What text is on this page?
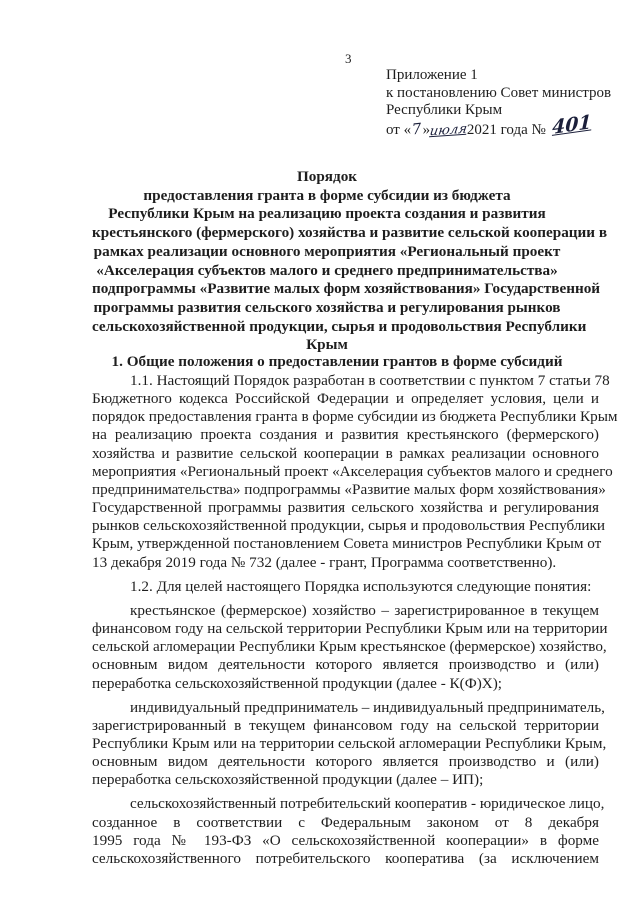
3
Приложение 1
к постановлению Совет министров
Республики Крым
от «7»июля2021 года № 401
Порядок
предоставления гранта в форме субсидии из бюджета
Республики Крым на реализацию проекта создания и развития
крестьянского (фермерского) хозяйства и развитие сельской кооперации в
рамках реализации основного мероприятия «Региональный проект
«Акселерация субъектов малого и среднего предпринимательства»
подпрограммы «Развитие малых форм хозяйствования» Государственной
программы развития сельского хозяйства и регулирования рынков
сельскохозяйственной продукции, сырья и продовольствия Республики
Крым
1. Общие положения о предоставлении грантов в форме субсидий
1.1. Настоящий Порядок разработан в соответствии с пунктом 7 статьи 78
Бюджетного кодекса Российской Федерации и определяет условия, цели и
порядок предоставления гранта в форме субсидии из бюджета Республики Крым
на реализацию проекта создания и развития крестьянского (фермерского)
хозяйства и развитие сельской кооперации в рамках реализации основного
мероприятия «Региональный проект «Акселерация субъектов малого и среднего
предпринимательства» подпрограммы «Развитие малых форм хозяйствования»
Государственной программы развития сельского хозяйства и регулирования
рынков сельскохозяйственной продукции, сырья и продовольствия Республики
Крым, утвержденной постановлением Совета министров Республики Крым от
13 декабря 2019 года № 732 (далее - грант, Программа соответственно).
1.2. Для целей настоящего Порядка используются следующие понятия:
крестьянское (фермерское) хозяйство – зарегистрированное в текущем
финансовом году на сельской территории Республики Крым или на территории
сельской агломерации Республики Крым крестьянское (фермерское) хозяйство,
основным видом деятельности которого является производство и (или)
переработка сельскохозяйственной продукции (далее - К(Ф)Х);
индивидуальный предприниматель – индивидуальный предприниматель,
зарегистрированный в текущем финансовом году на сельской территории
Республики Крым или на территории сельской агломерации Республики Крым,
основным видом деятельности которого является производство и (или)
переработка сельскохозяйственной продукции (далее – ИП);
сельскохозяйственный потребительский кооператив - юридическое лицо,
созданное в соответствии с Федеральным законом от 8 декабря
1995 года № 193-ФЗ «О сельскохозяйственной кооперации» в форме
сельскохозяйственного потребительского кооператива (за исключением
